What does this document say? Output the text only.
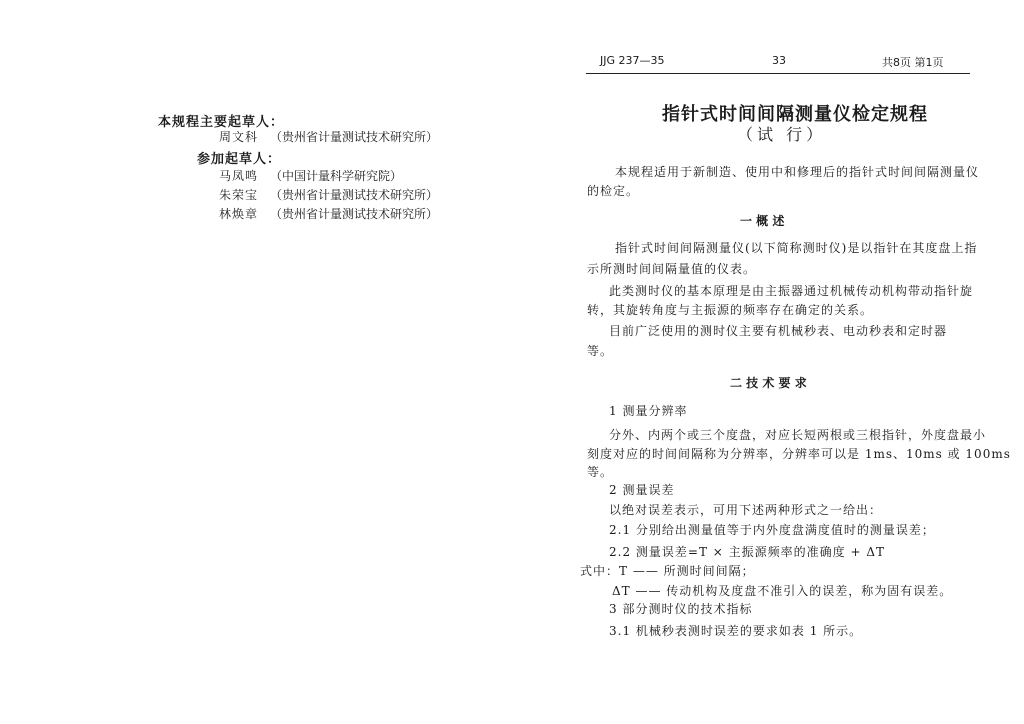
本规程主要起草人：
周文科 （贵州省计量测试技术研究所）
参加起草人：
马凤鸣 （中国计量科学研究院）
朱荣宝 （贵州省计量测试技术研究所）
林焕章 （贵州省计量测试技术研究所）
JJG 237—35	33	共8页 第1页
指针式时间间隔测量仪检定规程
（试 行）
本规程适用于新制造、使用中和修理后的指针式时间间隔测量仪
的检定。
一 概 述
指针式时间间隔测量仪(以下简称测时仪)是以指针在其度盘上指
示所测时间间隔量值的仪表。
此类测时仪的基本原理是由主振器通过机械传动机构带动指针旋
转，其旋转角度与主振源的频率存在确定的关系。
目前广泛使用的测时仪主要有机械秒表、电动秒表和定时器
等。
二 技 术 要 求
1 测量分辨率
分外、内两个或三个度盘，对应长短两根或三根指针，外度盘最小
刻度对应的时间间隔称为分辨率，分辨率可以是 1ms、10ms 或 100ms
等。
2 测量误差
以绝对误差表示，可用下述两种形式之一给出：
2.1 分别给出测量值等于内外度盘满度值时的测量误差；
2.2 测量误差=T × 主振源频率的准确度 + ΔT
式中：T —— 所测时间间隔；
ΔT —— 传动机构及度盘不准引入的误差，称为固有误差。
3 部分测时仪的技术指标
3.1 机械秒表测时误差的要求如表 1 所示。
